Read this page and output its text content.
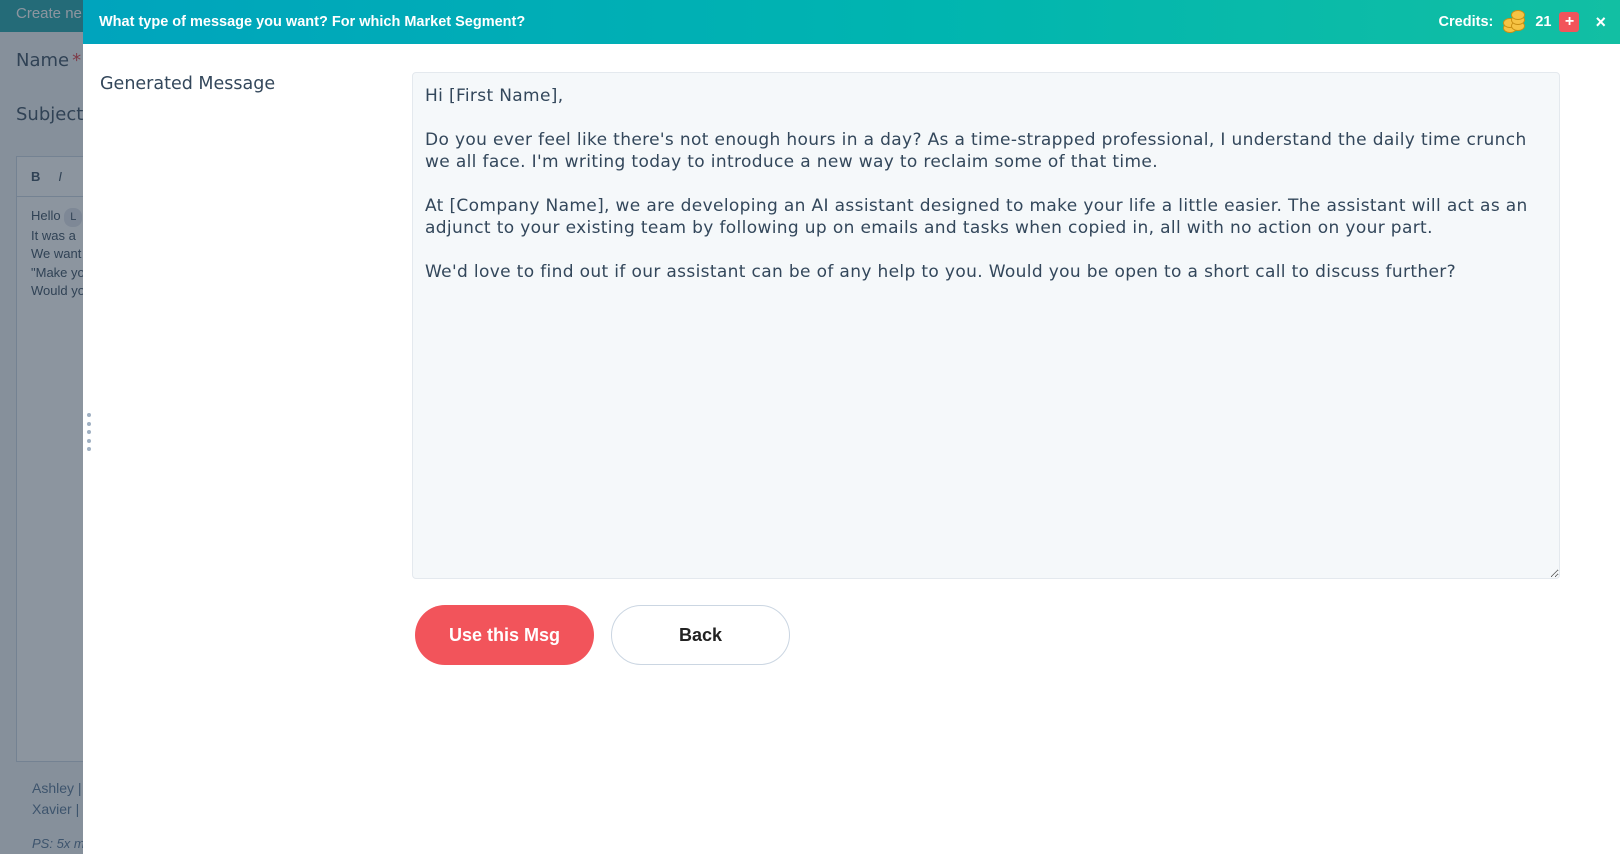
What type of message you want? For which Market Segment?	Credits:	21 + ×
Generated Message
Hi [First Name], Do you ever feel like there's not enough hours in a day? As a time-strapped professional, I understand the daily time crunch we all face. I'm writing today to introduce a new way to reclaim some of that time. At [Company Name], we are developing an AI assistant designed to make your life a little easier. The assistant will act as an adjunct to your existing team by following up on emails and tasks when copied in, all with no action on your part. We'd love to find out if our assistant can be of any help to you. Would you be open to a short call to discuss further?
Use this Msg	Back
